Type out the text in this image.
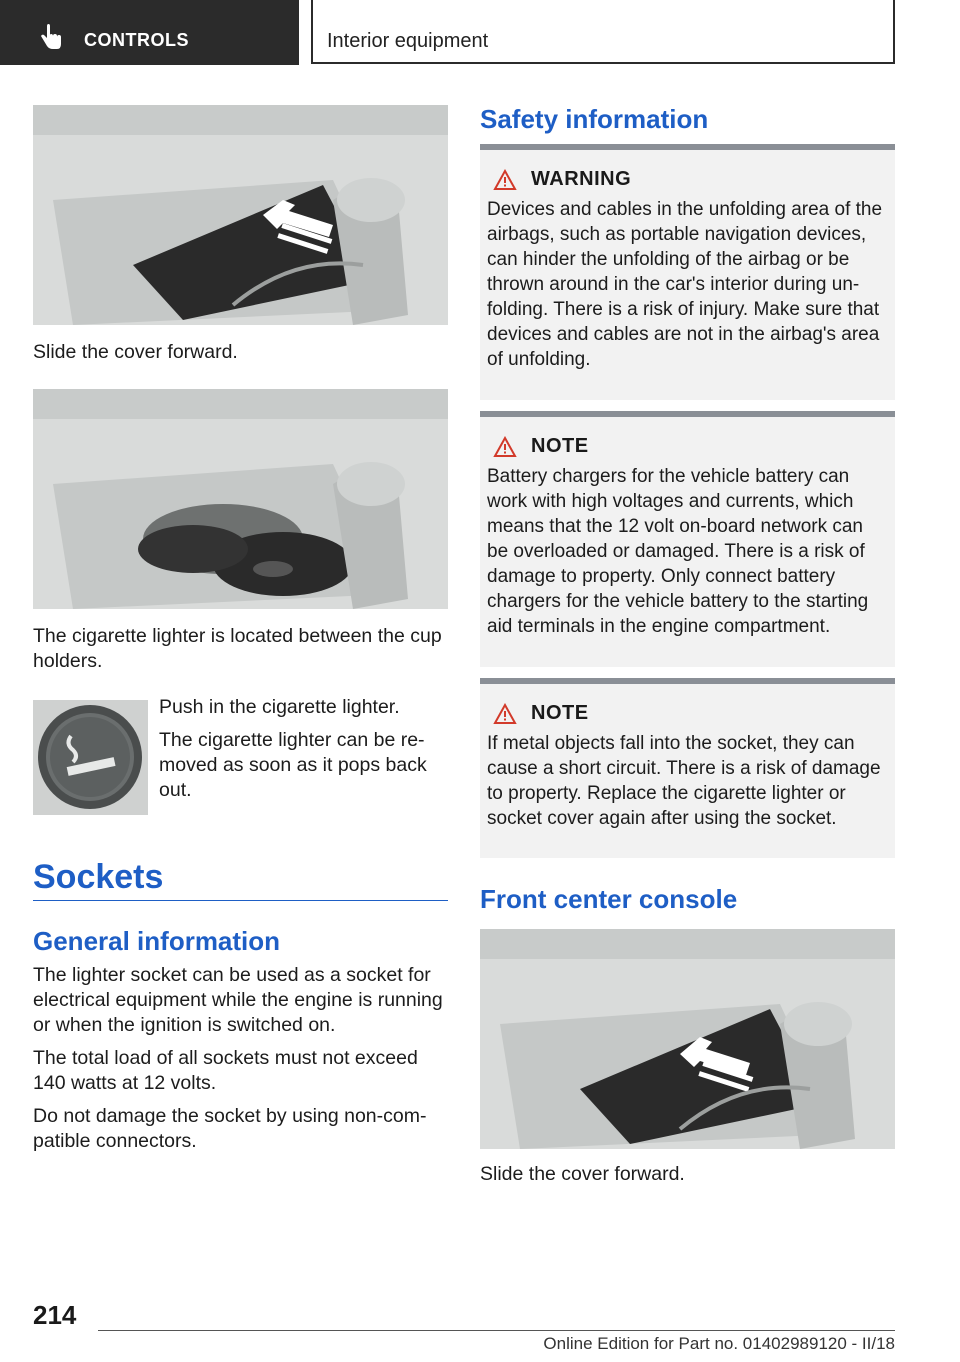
CONTROLS	Interior equipment
Slide the cover forward.
The cigarette lighter is located between the cup holders.

Push in the cigarette lighter.

The cigarette lighter can be re‐ moved as soon as it pops back out.

Sockets
General information

The lighter socket can be used as a socket for electrical equipment while the engine is running or when the ignition is switched on.

The total load of all sockets must not exceed 140 watts at 12 volts.

Do not damage the socket by using non-com‐ patible connectors.

Safety information
WARNING
Devices and cables in the unfolding area of the airbags, such as portable navigation devices, can hinder the unfolding of the airbag or be thrown around in the car's interior during un‐ folding. There is a risk of injury. Make sure that devices and cables are not in the airbag's area of unfolding.
NOTE
Battery chargers for the vehicle battery can work with high voltages and currents, which means that the 12 volt on-board network can be overloaded or damaged. There is a risk of damage to property. Only connect battery chargers for the vehicle battery to the starting aid terminals in the engine compartment.
NOTE
If metal objects fall into the socket, they can cause a short circuit. There is a risk of damage to property. Replace the cigarette lighter or socket cover again after using the socket.
Front center console
Slide the cover forward.
214
Online Edition for Part no. 01402989120 - II/18
